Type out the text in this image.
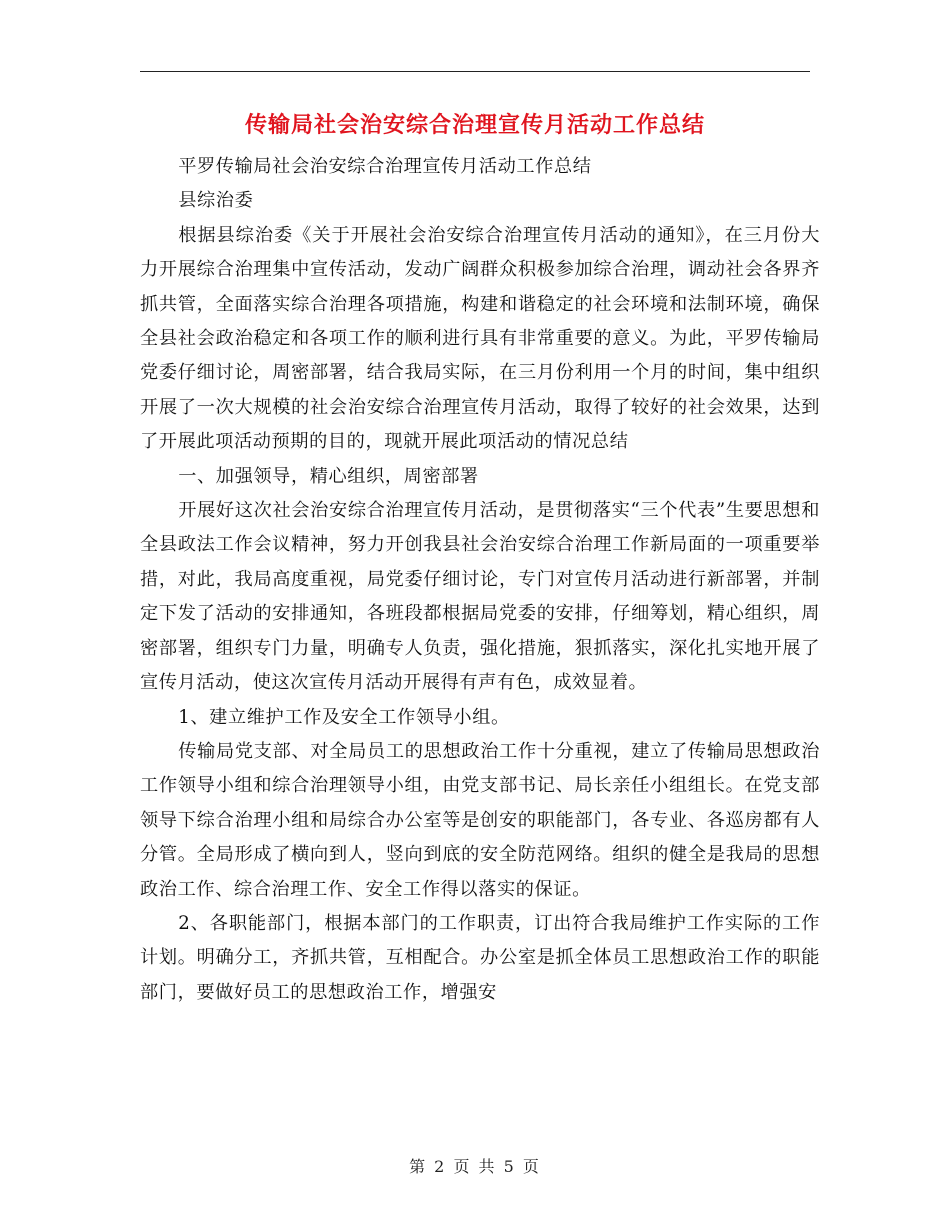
传输局社会治安综合治理宣传月活动工作总结

平罗传输局社会治安综合治理宣传月活动工作总结

县综治委

根据县综治委《关于开展社会治安综合治理宣传月活动的通知》，在三月份大力开展综合治理集中宣传活动，发动广阔群众积极参加综合治理，调动社会各界齐抓共管，全面落实综合治理各项措施，构建和谐稳定的社会环境和法制环境，确保全县社会政治稳定和各项工作的顺利进行具有非常重要的意义。为此，平罗传输局党委仔细讨论，周密部署，结合我局实际，在三月份利用一个月的时间，集中组织开展了一次大规模的社会治安综合治理宣传月活动，取得了较好的社会效果，达到了开展此项活动预期的目的，现就开展此项活动的情况总结

一、加强领导，精心组织，周密部署

开展好这次社会治安综合治理宣传月活动，是贯彻落实“三个代表”生要思想和全县政法工作会议精神，努力开创我县社会治安综合治理工作新局面的一项重要举措，对此，我局高度重视，局党委仔细讨论，专门对宣传月活动进行新部署，并制定下发了活动的安排通知，各班段都根据局党委的安排，仔细筹划，精心组织，周密部署，组织专门力量，明确专人负责，强化措施，狠抓落实，深化扎实地开展了宣传月活动，使这次宣传月活动开展得有声有色，成效显着。

1、建立维护工作及安全工作领导小组。

传输局党支部、对全局员工的思想政治工作十分重视，建立了传输局思想政治工作领导小组和综合治理领导小组，由党支部书记、局长亲任小组组长。在党支部领导下综合治理小组和局综合办公室等是创安的职能部门，各专业、各巡房都有人分管。全局形成了横向到人，竖向到底的安全防范网络。组织的健全是我局的思想政治工作、综合治理工作、安全工作得以落实的保证。

2、各职能部门，根据本部门的工作职责，订出符合我局维护工作实际的工作计划。明确分工，齐抓共管，互相配合。办公室是抓全体员工思想政治工作的职能部门，要做好员工的思想政治工作，增强安

第 2 页 共 5 页
